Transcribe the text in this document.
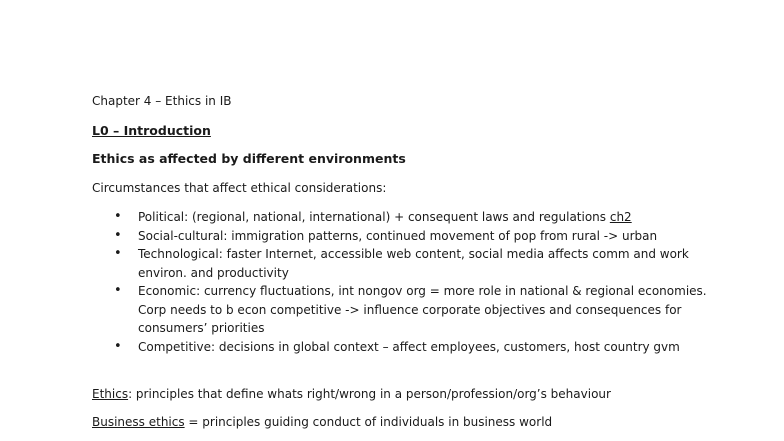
Chapter 4 – Ethics in IB
L0 – Introduction
Ethics as affected by different environments
Circumstances that affect ethical considerations:
• Political: (regional, national, international) + consequent laws and regulations ch2
• Social-cultural: immigration patterns, continued movement of pop from rural -> urban
• Technological: faster Internet, accessible web content, social media affects comm and work environ. and productivity
• Economic: currency fluctuations, int nongov org = more role in national & regional economies. Corp needs to b econ competitive -> influence corporate objectives and consequences for consumers’ priorities
• Competitive: decisions in global context – affect employees, customers, host country gvm
Ethics: principles that define whats right/wrong in a person/profession/org’s behaviour
Business ethics = principles guiding conduct of individuals in business world
